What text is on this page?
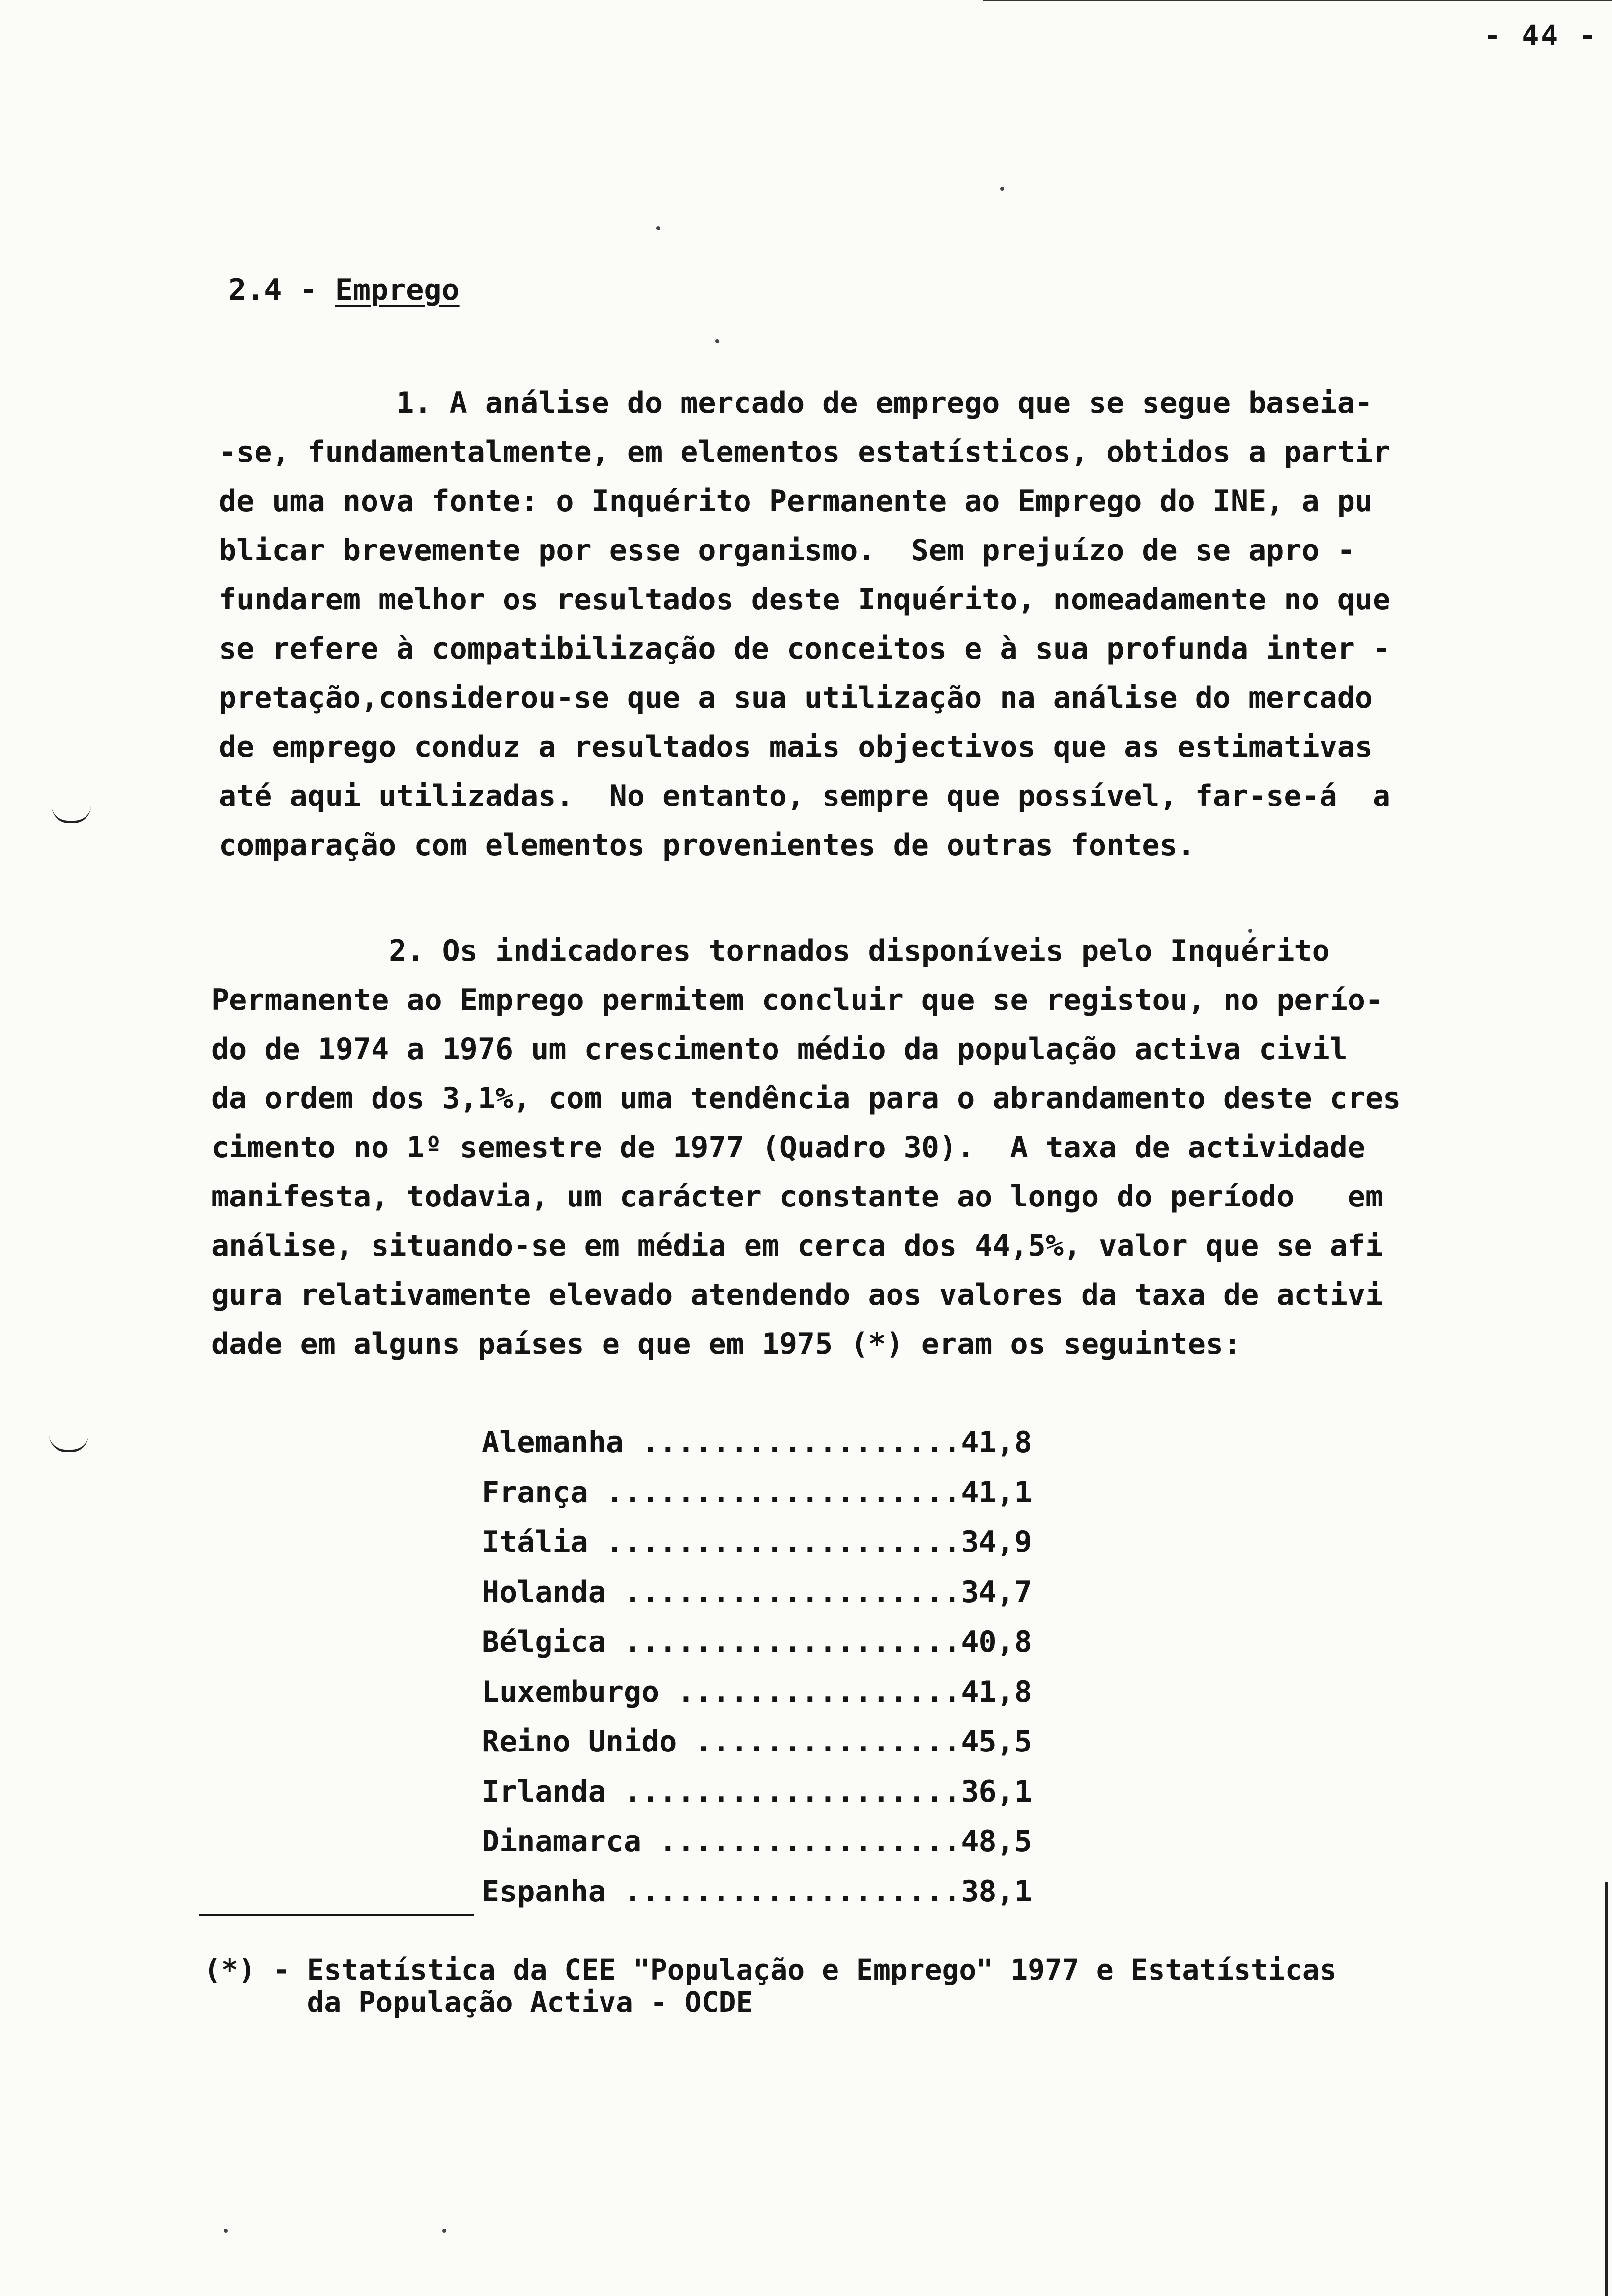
- 44 -
2.4 - Emprego
1. A análise do mercado de emprego que se segue baseia-
-se, fundamentalmente, em elementos estatísticos, obtidos a partir
de uma nova fonte: o Inquérito Permanente ao Emprego do INE, a pu
blicar brevemente por esse organismo.  Sem prejuízo de se apro -
fundarem melhor os resultados deste Inquérito, nomeadamente no que
se refere à compatibilização de conceitos e à sua profunda inter -
pretação,considerou-se que a sua utilização na análise do mercado
de emprego conduz a resultados mais objectivos que as estimativas
até aqui utilizadas.  No entanto, sempre que possível, far-se-á  a
comparação com elementos provenientes de outras fontes.
2. Os indicadores tornados disponíveis pelo Inquérito
Permanente ao Emprego permitem concluir que se registou, no perío-
do de 1974 a 1976 um crescimento médio da população activa civil
da ordem dos 3,1%, com uma tendência para o abrandamento deste cres
cimento no 1º semestre de 1977 (Quadro 30).  A taxa de actividade
manifesta, todavia, um carácter constante ao longo do período   em
análise, situando-se em média em cerca dos 44,5%, valor que se afi
gura relativamente elevado atendendo aos valores da taxa de activi
dade em alguns países e que em 1975 (*) eram os seguintes:
Alemanha .................. 41,8
França .................... 41,1
Itália .................... 34,9
Holanda ................... 34,7
Bélgica ................... 40,8
Luxemburgo ................ 41,8
Reino Unido ............... 45,5
Irlanda ................... 36,1
Dinamarca ................. 48,5
Espanha ................... 38,1
(*) - Estatística da CEE "População e Emprego" 1977 e Estatísticas
da População Activa - OCDE
